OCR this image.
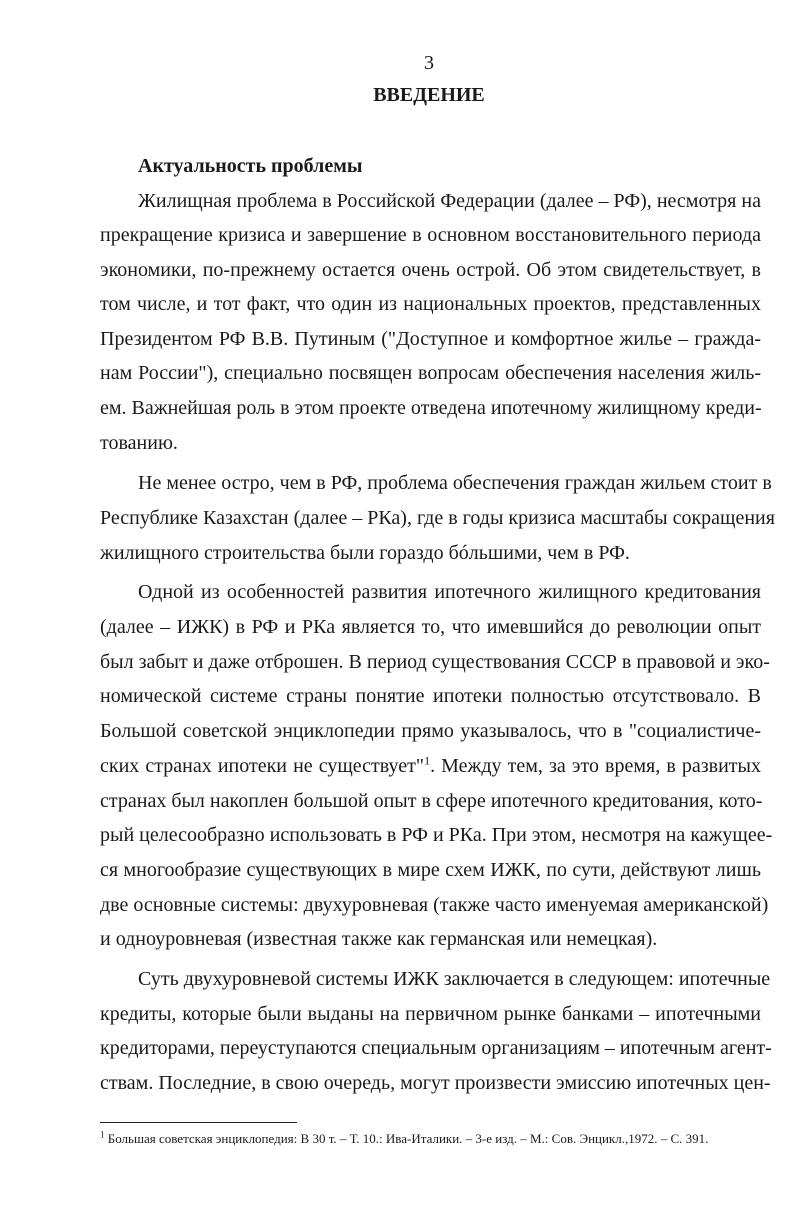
3
ВВЕДЕНИЕ
Актуальность проблемы
Жилищная проблема в Российской Федерации (далее – РФ), несмотря на
прекращение кризиса и завершение в основном восстановительного периода
экономики, по-прежнему остается очень острой. Об этом свидетельствует, в
том числе, и тот факт, что один из национальных проектов, представленных
Президентом РФ В.В. Путиным ("Доступное и комфортное жилье – гражда-
нам России"), специально посвящен вопросам обеспечения населения жиль-
ем. Важнейшая роль в этом проекте отведена ипотечному жилищному креди-
тованию.
Не менее остро, чем в РФ, проблема обеспечения граждан жильем стоит в
Республике Казахстан (далее – РКа), где в годы кризиса масштабы сокращения
жилищного строительства были гораздо бóльшими, чем в РФ.
Одной из особенностей развития ипотечного жилищного кредитования
(далее – ИЖК) в РФ и РКа является то, что имевшийся до революции опыт
был забыт и даже отброшен. В период существования СССР в правовой и эко-
номической системе страны понятие ипотеки полностью отсутствовало. В
Большой советской энциклопедии прямо указывалось, что в "социалистиче-
ских странах ипотеки не существует"$^1$. Между тем, за это время, в развитых
странах был накоплен большой опыт в сфере ипотечного кредитования, кото-
рый целесообразно использовать в РФ и РКа. При этом, несмотря на кажущее-
ся многообразие существующих в мире схем ИЖК, по сути, действуют лишь
две основные системы: двухуровневая (также часто именуемая американской)
и одноуровневая (известная также как германская или немецкая).
Суть двухуровневой системы ИЖК заключается в следующем: ипотечные
кредиты, которые были выданы на первичном рынке банками – ипотечными
кредиторами, переуступаются специальным организациям – ипотечным агент-
ствам. Последние, в свою очередь, могут произвести эмиссию ипотечных цен-
$^1$ Большая советская энциклопедия: В 30 т. – Т. 10.: Ива-Италики. – 3-е изд. – М.: Сов. Энцикл.,1972. – С. 391.
